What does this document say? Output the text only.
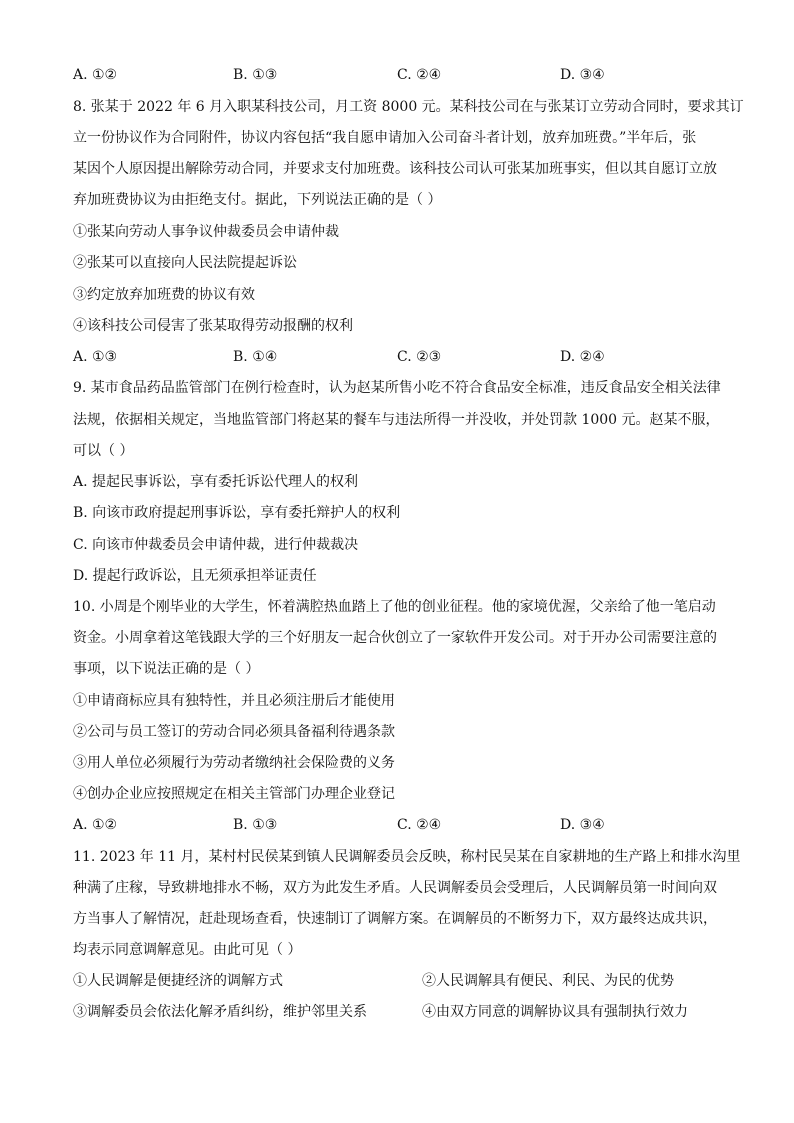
A. ①②	B. ①③	C. ②④	D. ③④
8. 张某于 2022 年 6 月入职某科技公司，月工资 8000 元。某科技公司在与张某订立劳动合同时，要求其订
立一份协议作为合同附件，协议内容包括“我自愿申请加入公司奋斗者计划，放弃加班费。”半年后，张
某因个人原因提出解除劳动合同，并要求支付加班费。该科技公司认可张某加班事实，但以其自愿订立放
弃加班费协议为由拒绝支付。据此，下列说法正确的是（ ）
①张某向劳动人事争议仲裁委员会申请仲裁
②张某可以直接向人民法院提起诉讼
③约定放弃加班费的协议有效
④该科技公司侵害了张某取得劳动报酬的权利
A. ①③	B. ①④	C. ②③	D. ②④
9. 某市食品药品监管部门在例行检查时，认为赵某所售小吃不符合食品安全标准，违反食品安全相关法律
法规，依据相关规定，当地监管部门将赵某的餐车与违法所得一并没收，并处罚款 1000 元。赵某不服，
可以（ ）
A. 提起民事诉讼，享有委托诉讼代理人的权利
B. 向该市政府提起刑事诉讼，享有委托辩护人的权利
C. 向该市仲裁委员会申请仲裁，进行仲裁裁决
D. 提起行政诉讼，且无须承担举证责任
10. 小周是个刚毕业的大学生，怀着满腔热血踏上了他的创业征程。他的家境优渥，父亲给了他一笔启动
资金。小周拿着这笔钱跟大学的三个好朋友一起合伙创立了一家软件开发公司。对于开办公司需要注意的
事项，以下说法正确的是（ ）
①申请商标应具有独特性，并且必须注册后才能使用
②公司与员工签订的劳动合同必须具备福利待遇条款
③用人单位必须履行为劳动者缴纳社会保险费的义务
④创办企业应按照规定在相关主管部门办理企业登记
A. ①②	B. ①③	C. ②④	D. ③④
11. 2023 年 11 月，某村村民侯某到镇人民调解委员会反映，称村民吴某在自家耕地的生产路上和排水沟里
种满了庄稼，导致耕地排水不畅，双方为此发生矛盾。人民调解委员会受理后，人民调解员第一时间向双
方当事人了解情况，赶赴现场查看，快速制订了调解方案。在调解员的不断努力下，双方最终达成共识，
均表示同意调解意见。由此可见（ ）
①人民调解是便捷经济的调解方式	②人民调解具有便民、利民、为民的优势
③调解委员会依法化解矛盾纠纷，维护邻里关系	④由双方同意的调解协议具有强制执行效力
